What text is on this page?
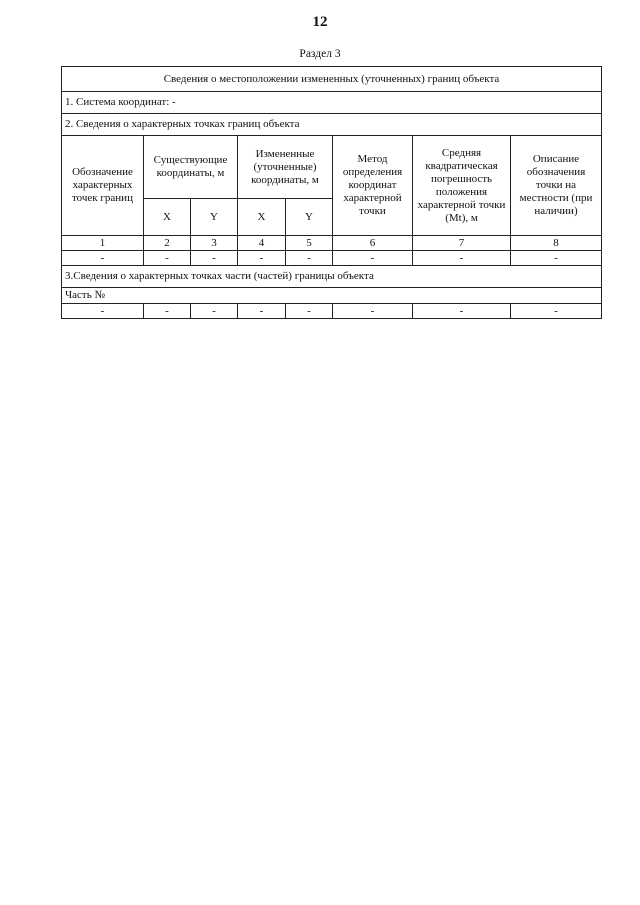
12
Раздел 3
Сведения о местоположении измененных (уточненных) границ объекта							
1. Система координат: -							
2. Сведения о характерных точках границ объекта							
Обозначение характерных точек границ	Существующие координаты, м		Измененные (уточненные) координаты, м		Метод определения координат характерной точки	Средняя квадратическая погрешность положения характерной точки (Mt), м	Описание обозначения точки на местности (при наличии)
	X	Y	X	Y			
1	2	3	4	5	6	7	8
-	-	-	-	-	-	-	-
3.Сведения о характерных точках части (частей) границы объекта							
Часть №							
-	-	-	-	-	-	-	-
